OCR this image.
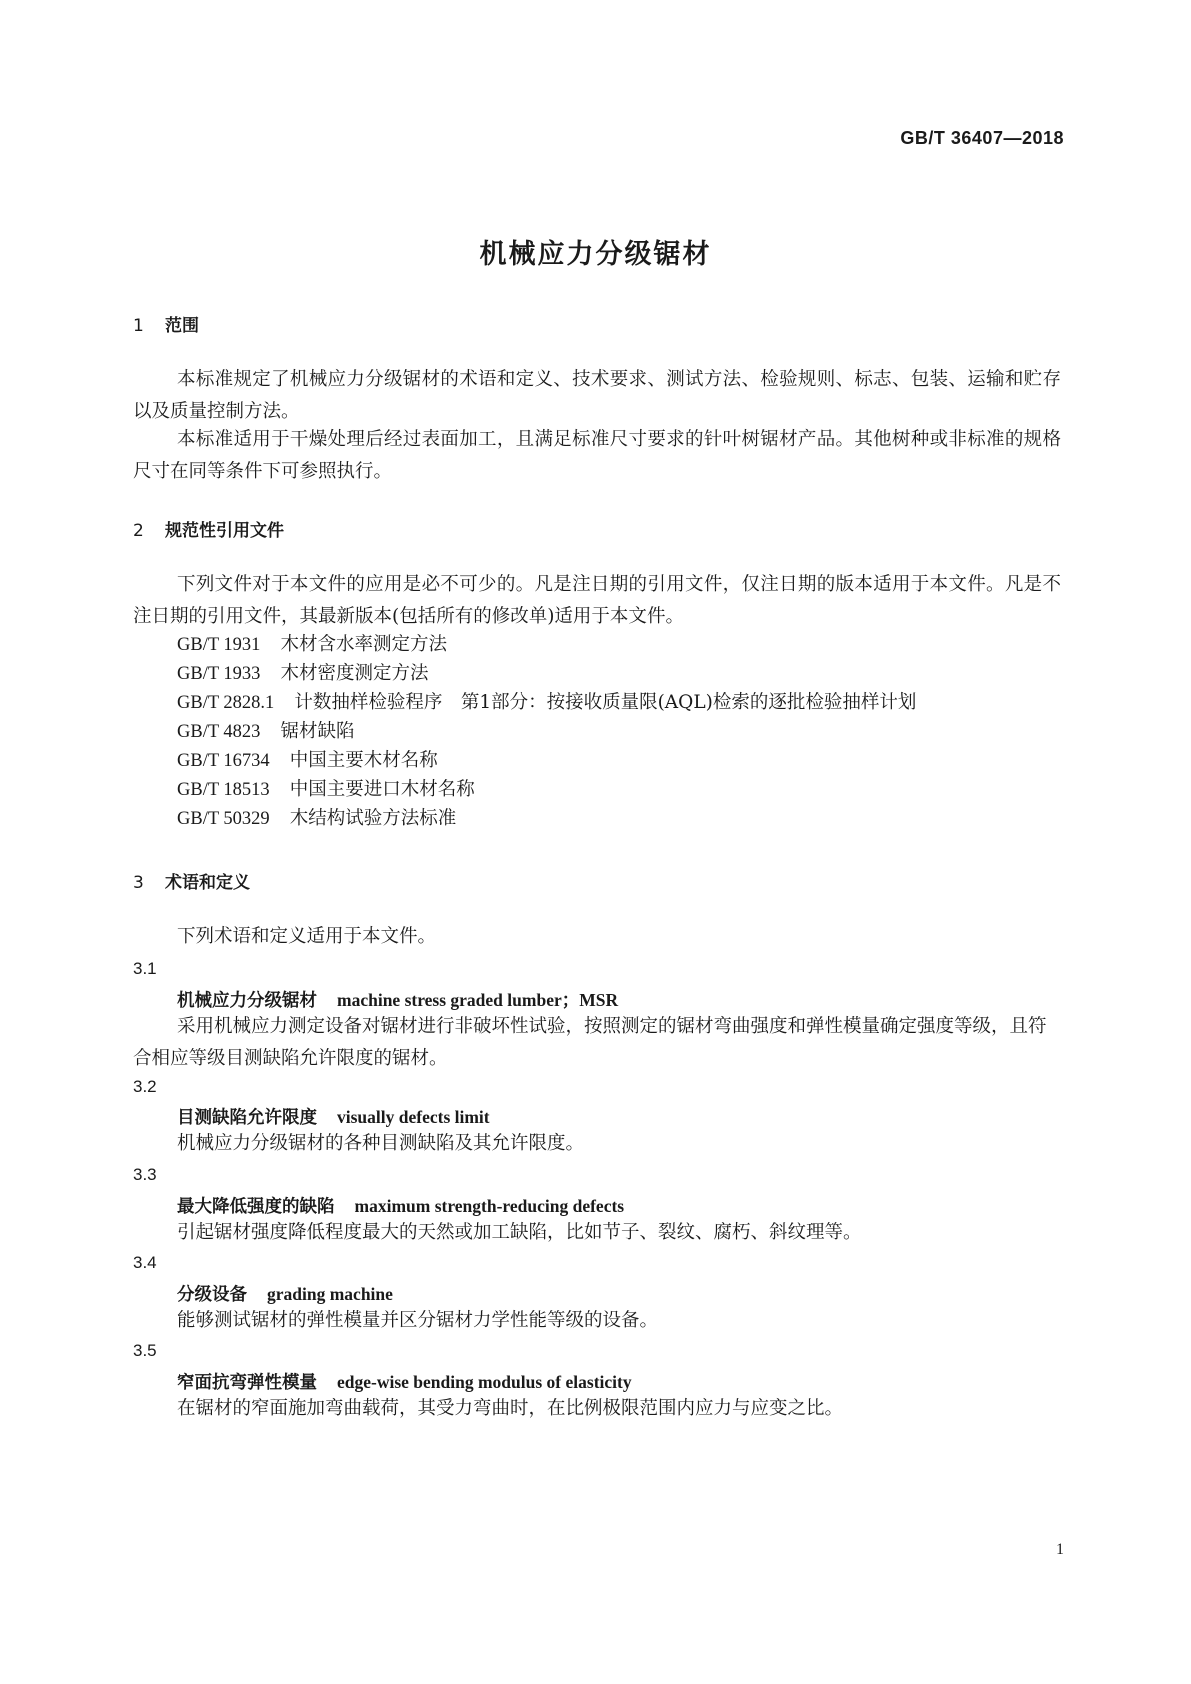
GB/T 36407—2018
机械应力分级锯材
1 范围
本标准规定了机械应力分级锯材的术语和定义、技术要求、测试方法、检验规则、标志、包装、运输和贮存以及质量控制方法。
本标准适用于干燥处理后经过表面加工，且满足标准尺寸要求的针叶树锯材产品。其他树种或非标准的规格尺寸在同等条件下可参照执行。
2 规范性引用文件
下列文件对于本文件的应用是必不可少的。凡是注日期的引用文件，仅注日期的版本适用于本文件。凡是不注日期的引用文件，其最新版本(包括所有的修改单)适用于本文件。
GB/T 1931 木材含水率测定方法
GB/T 1933 木材密度测定方法
GB/T 2828.1 计数抽样检验程序　第1部分：按接收质量限(AQL)检索的逐批检验抽样计划
GB/T 4823 锯材缺陷
GB/T 16734 中国主要木材名称
GB/T 18513 中国主要进口木材名称
GB/T 50329 木结构试验方法标准
3 术语和定义
下列术语和定义适用于本文件。
3.1
机械应力分级锯材 machine stress graded lumber；MSR
采用机械应力测定设备对锯材进行非破坏性试验，按照测定的锯材弯曲强度和弹性模量确定强度等级，且符合相应等级目测缺陷允许限度的锯材。
3.2
目测缺陷允许限度 visually defects limit
机械应力分级锯材的各种目测缺陷及其允许限度。
3.3
最大降低强度的缺陷 maximum strength-reducing defects
引起锯材强度降低程度最大的天然或加工缺陷，比如节子、裂纹、腐朽、斜纹理等。
3.4
分级设备 grading machine
能够测试锯材的弹性模量并区分锯材力学性能等级的设备。
3.5
窄面抗弯弹性模量 edge-wise bending modulus of elasticity
在锯材的窄面施加弯曲载荷，其受力弯曲时，在比例极限范围内应力与应变之比。
1
